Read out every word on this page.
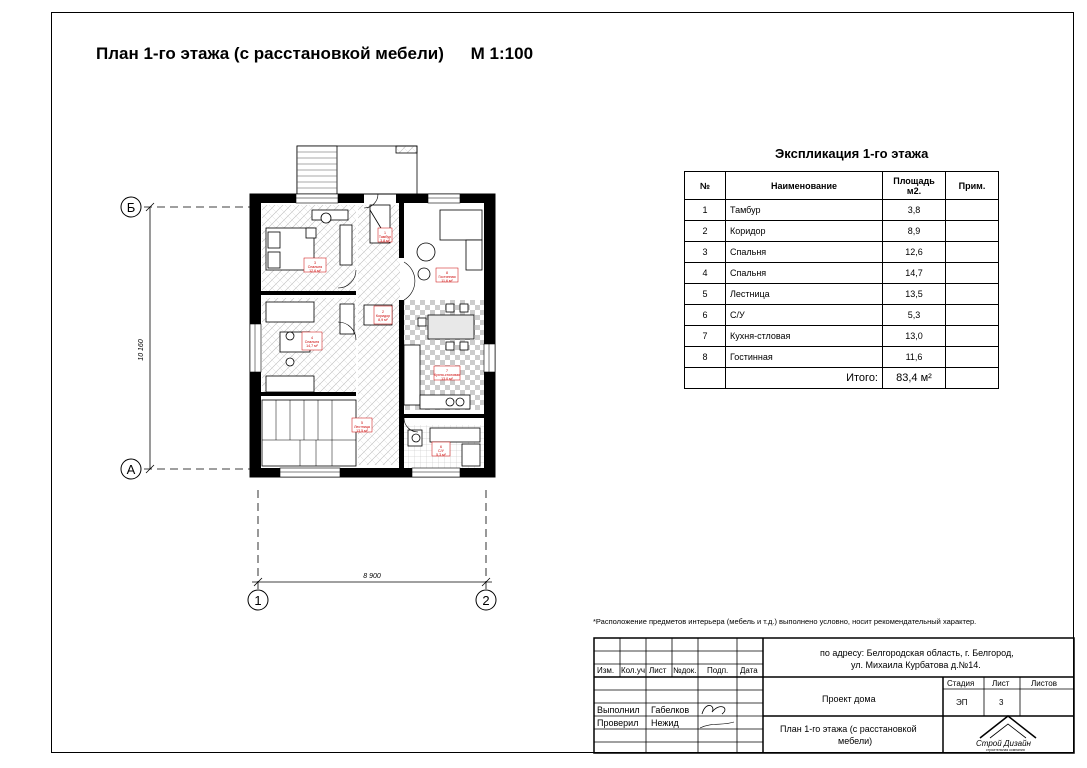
План 1-го этажа (с расстановкой мебели) М 1:100
10 160
8 900
Б
А
1	2
1
Тамбур
3,8 м²
2
Коридор
8,9 м²
3
Спальня
12,6 м²
4
Спальня
14,7 м²
5
Лестница
13,5 м²
6
С/У
5,3 м²
7
Кухня-столовая
13,0 м²
8
Гостинная
11,6 м²
Экспликация 1-го этажа
№	Наименование	Площадь м2.	Прим.
1	Тамбур	3,8	
2	Коридор	8,9	
3	Спальня	12,6	
4	Спальня	14,7	
5	Лестница	13,5	
6	С/У	5,3	
7	Кухня-стловая	13,0	
8	Гостинная	11,6	
	Итого:	83,4 м²	
*Расположение предметов интерьера (мебель и т.д.) выполнено условно, носит рекомендательный характер.
по адресу: Белгородская область, г. Белгород,
ул. Михаила Курбатова д.№14.
Изм. Кол.уч Лист №док. Подп. Дата
Выполнил Габелков
Проверил Нежид
Проект дома
Стадия Лист	Листов
ЭП	3
План 1-го этажа (с расстановкой
мебели)	Строй Дизайн
строительная компания
